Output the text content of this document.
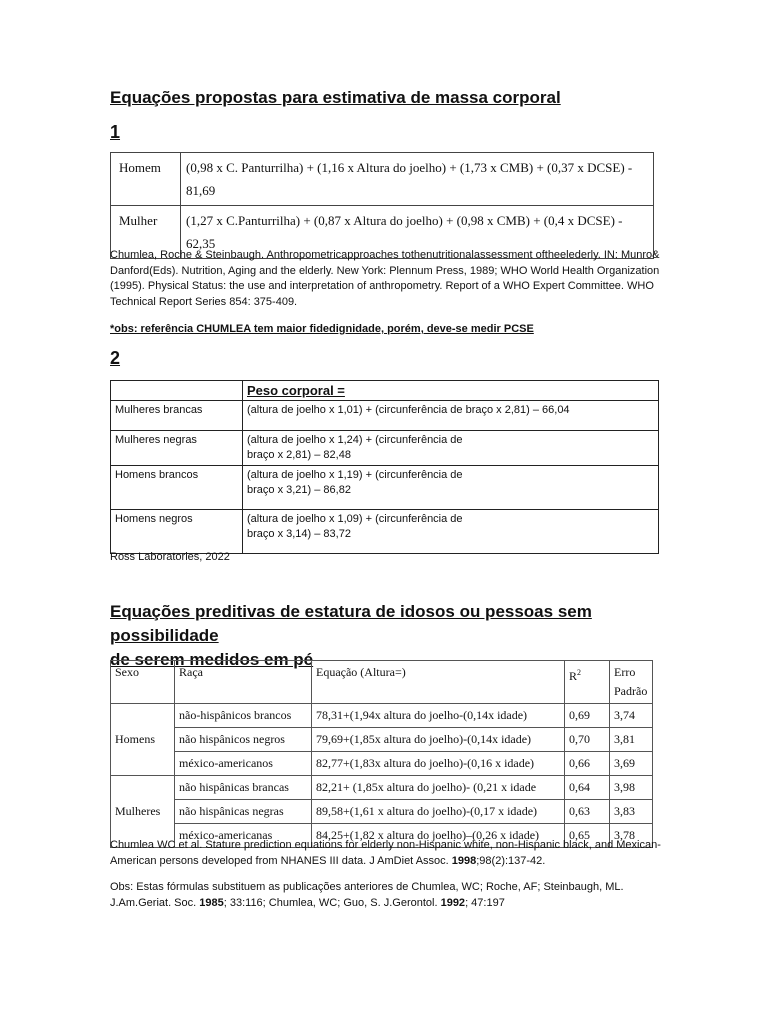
Equações propostas para estimativa de massa corporal
1
Homem	(0,98 x C. Panturrilha) + (1,16 x Altura do joelho) + (1,73 x CMB) + (0,37 x DCSE) - 81,69
Mulher	(1,27 x C.Panturrilha) + (0,87 x Altura do joelho) + (0,98 x CMB) + (0,4 x DCSE) - 62,35

Chumlea, Roche & Steinbaugh. Anthropometricapproaches tothenutritionalassessment oftheelederly. IN: Munro& Danford(Eds). Nutrition, Aging and the elderly. New York: Plennum Press, 1989; WHO World Health Organization (1995). Physical Status: the use and interpretation of anthropometry. Report of a WHO Expert Committee. WHO Technical Report Series 854: 375-409.

*obs: referência CHUMLEA tem maior fidedignidade, porém, deve-se medir PCSE

2
	Peso corporal =
Mulheres brancas	(altura de joelho x 1,01) + (circunferência de braço x 2,81) – 66,04
Mulheres negras	(altura de joelho x 1,24) + (circunferência de
braço x 2,81) – 82,48
Homens brancos	(altura de joelho x 1,19) + (circunferência de
braço x 3,21) – 86,82
Homens negros	(altura de joelho x 1,09) + (circunferência de
braço x 3,14) – 83,72

Ross Laboratories, 2022

Equações preditivas de estatura de idosos ou pessoas sem possibilidade
de serem medidos em pé
Sexo	Raça	Equação (Altura=)	$R^2$	Erro
Padrão
Homens	não-hispânicos brancos	78,31+(1,94x altura do joelho-(0,14x idade)	0,69	3,74
	não hispânicos negros	79,69+(1,85x altura do joelho)-(0,14x idade)	0,70	3,81
	méxico-americanos	82,77+(1,83x altura do joelho)-(0,16 x idade)	0,66	3,69
Mulheres	não hispânicas brancas	82,21+ (1,85x altura do joelho)- (0,21 x idade	0,64	3,98
	não hispânicas negras	89,58+(1,61 x altura do joelho)-(0,17 x idade)	0,63	3,83
	méxico-americanas	84,25+(1,82 x altura do joelho)–(0,26 x idade)	0,65	3,78

Chumlea WC et al. Stature prediction equations for elderly non-Hispanic white, non-Hispanic black, and Mexican-American persons developed from NHANES III data. J AmDiet Assoc. 1998;98(2):137-42.

Obs: Estas fórmulas substituem as publicações anteriores de Chumlea, WC; Roche, AF; Steinbaugh, ML. J.Am.Geriat. Soc. 1985; 33:116; Chumlea, WC; Guo, S. J.Gerontol. 1992; 47:197
